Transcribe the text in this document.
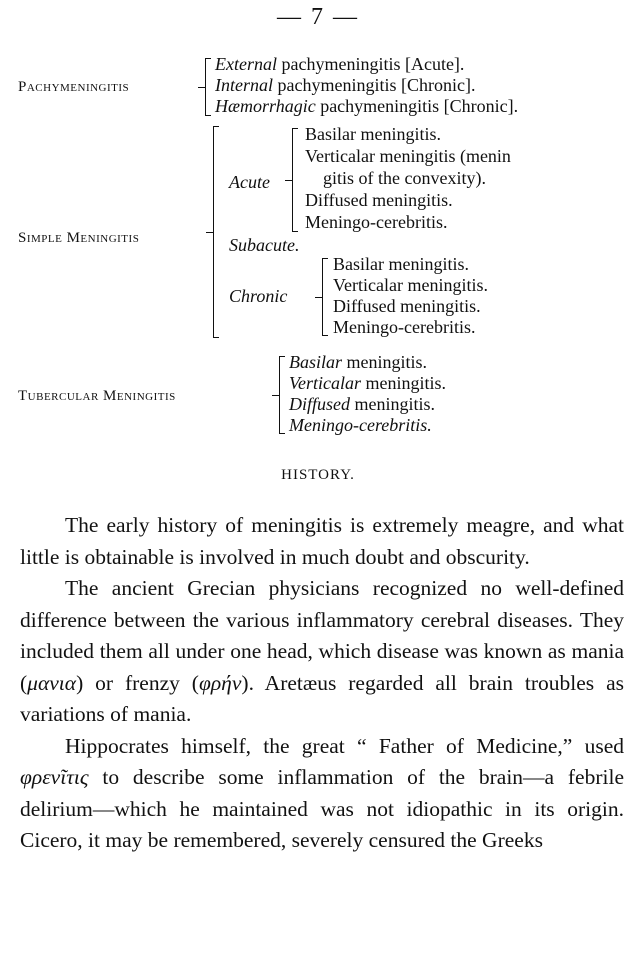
— 7 —
Pachymeningitis
External pachymeningitis [Acute].
Internal pachymeningitis [Chronic].
Hæmorrhagic pachymeningitis [Chronic].
Simple Meningitis
Acute
Basilar meningitis.
Verticalar meningitis (menin
gitis of the convexity).
Diffused meningitis.
Meningo-cerebritis.
Subacute.
Chronic
Basilar meningitis.
Verticalar meningitis.
Diffused meningitis.
Meningo-cerebritis.
Tubercular Meningitis
Basilar meningitis.
Verticalar meningitis.
Diffused meningitis.
Meningo-cerebritis.
HISTORY.

The early history of meningitis is extremely meagre, and what little is obtainable is involved in much doubt and obscurity.

The ancient Grecian physicians recognized no well-defined difference between the various inflammatory cerebral diseases. They included them all under one head, which disease was known as mania (μανια) or frenzy (φρήν). Aretæus regarded all brain troubles as variations of mania.

Hippocrates himself, the great “ Father of Medicine,” used φρενῖτις to describe some inflammation of the brain—a febrile delirium—which he maintained was not idiopathic in its origin. Cicero, it may be remembered, severely censured the Greeks
